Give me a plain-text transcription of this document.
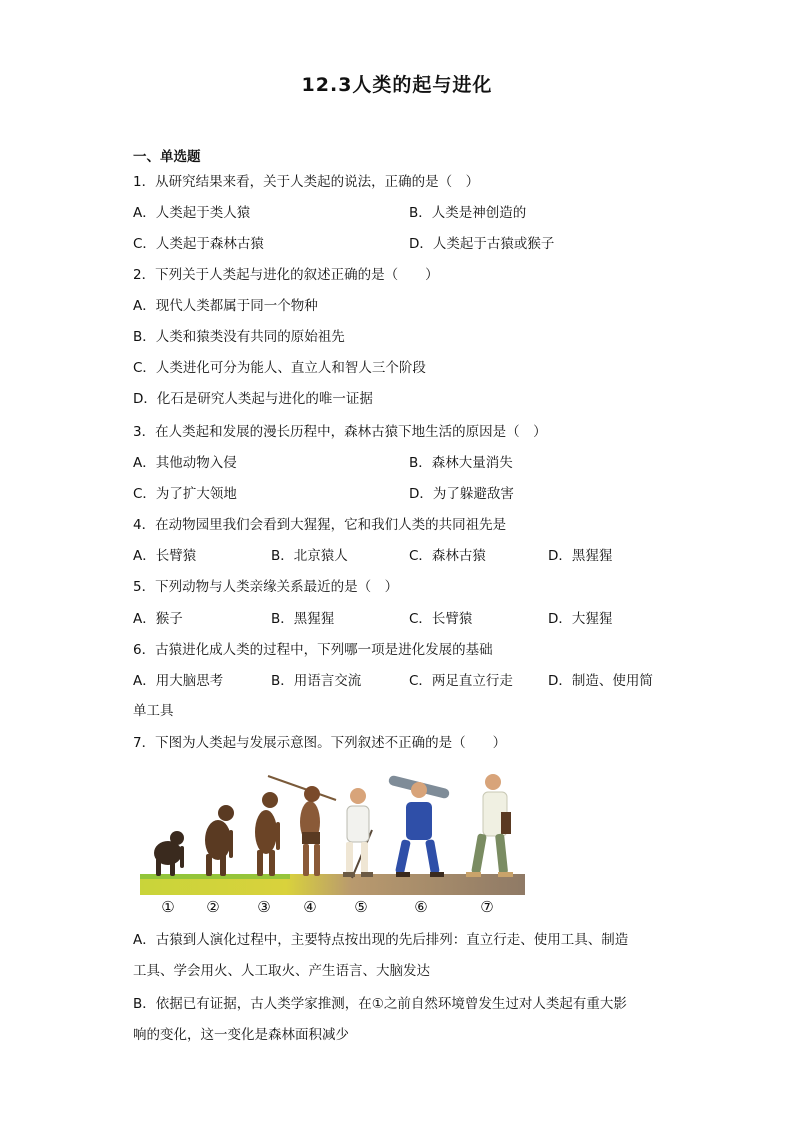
12.3人类的起与进化
一、单选题
1．从研究结果来看，关于人类起的说法，正确的是（　）
A．人类起于类人猿	B．人类是神创造的
C．人类起于森林古猿	D．人类起于古猿或猴子
2．下列关于人类起与进化的叙述正确的是（　　）
A．现代人类都属于同一个物种
B．人类和猿类没有共同的原始祖先
C．人类进化可分为能人、直立人和智人三个阶段
D．化石是研究人类起与进化的唯一证据
3．在人类起和发展的漫长历程中，森林古猿下地生活的原因是（　）
A．其他动物入侵	B．森林大量消失
C．为了扩大领地	D．为了躲避敌害
4．在动物园里我们会看到大猩猩，它和我们人类的共同祖先是
A．长臂猿	B．北京猿人	C．森林古猿	D．黑猩猩
5．下列动物与人类亲缘关系最近的是（　）
A．猴子	B．黑猩猩	C．长臂猿	D．大猩猩
6．古猿进化成人类的过程中，下列哪一项是进化发展的基础
A．用大脑思考	B．用语言交流	C．两足直立行走	D．制造、使用简
单工具
7．下图为人类起与发展示意图。下列叙述不正确的是（　　）
① ②	③ ④	⑤	⑥	⑦
A．古猿到人演化过程中，主要特点按出现的先后排列：直立行走、使用工具、制造
工具、学会用火、人工取火、产生语言、大脑发达
B．依据已有证据，古人类学家推测，在①之前自然环境曾发生过对人类起有重大影
响的变化，这一变化是森林面积减少
